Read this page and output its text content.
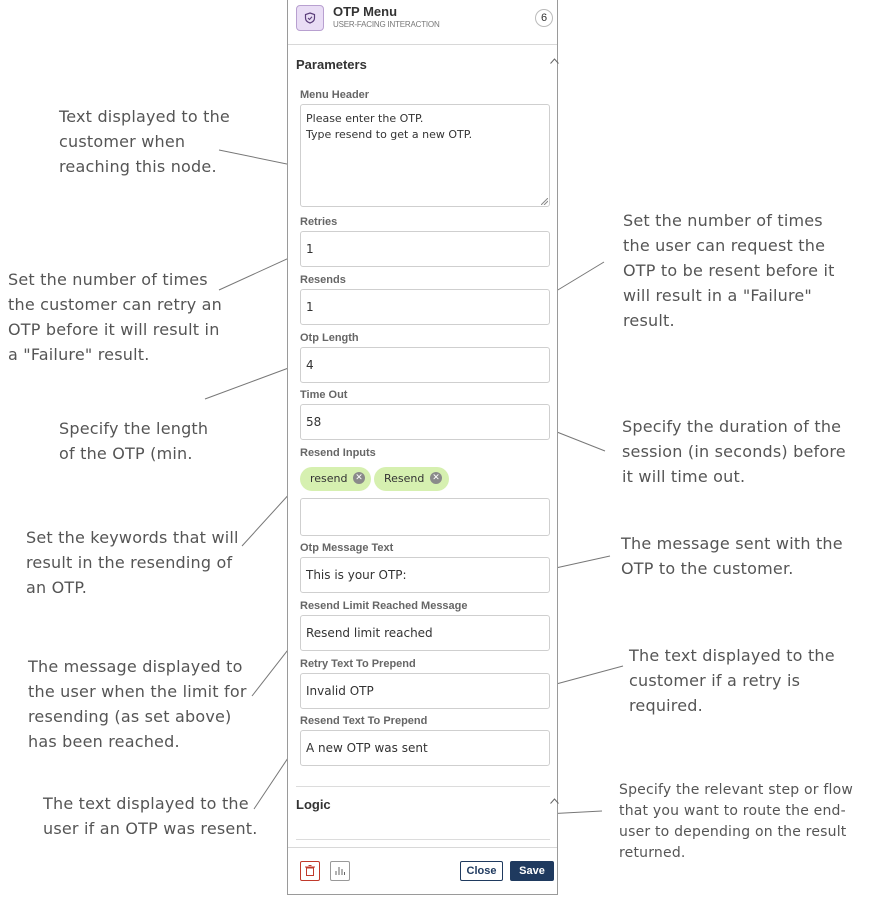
Text displayed to the
customer when
reaching this node.
Set the number of times
the customer can retry an
OTP before it will result in
a "Failure" result.
Specify the length
of the OTP (min.
Set the keywords that will
result in the resending of
an OTP.
The message displayed to
the user when the limit for
resending (as set above)
has been reached.
The text displayed to the
user if an OTP was resent.
Set the number of times
the user can request the
OTP to be resent before it
will result in a "Failure"
result.
Specify the duration of the
session (in seconds) before
it will time out.
The message sent with the
OTP to the customer.
The text displayed to the
customer if a retry is
required.
Specify the relevant step or flow
that you want to route the end-
user to depending on the result
returned.
OTP Menu
USER-FACING INTERACTION
6
Parameters
Menu Header
Please enter the OTP.
Type resend to get a new OTP.
Retries
1
Resends
1
Otp Length
4
Time Out
58
Resend Inputs
resend ✕	Resend ✕
Otp Message Text
This is your OTP:
Resend Limit Reached Message
Resend limit reached
Retry Text To Prepend
Invalid OTP
Resend Text To Prepend
A new OTP was sent
Logic
Close	Save
